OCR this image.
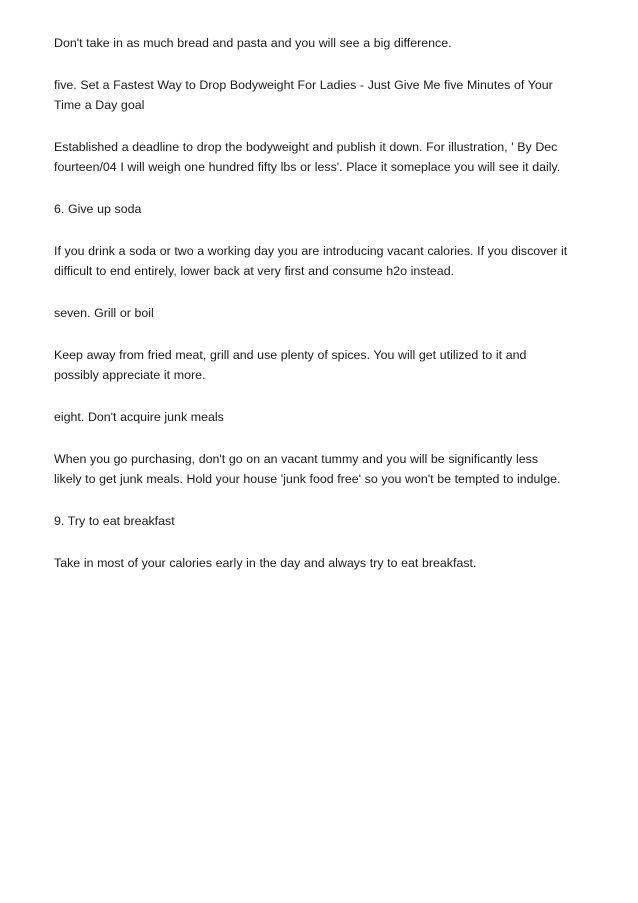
Don't take in as much bread and pasta and you will see a big difference.

five. Set a Fastest Way to Drop Bodyweight For Ladies - Just Give Me five Minutes of Your
Time a Day goal

Established a deadline to drop the bodyweight and publish it down. For illustration, ' By Dec
fourteen/04 I will weigh one hundred fifty lbs or less'. Place it someplace you will see it daily.

6. Give up soda

If you drink a soda or two a working day you are introducing vacant calories. If you discover it
difficult to end entirely, lower back at very first and consume h2o instead.

seven. Grill or boil

Keep away from fried meat, grill and use plenty of spices. You will get utilized to it and
possibly appreciate it more.

eight. Don't acquire junk meals

When you go purchasing, don't go on an vacant tummy and you will be significantly less
likely to get junk meals. Hold your house 'junk food free' so you won't be tempted to indulge.

9. Try to eat breakfast

Take in most of your calories early in the day and always try to eat breakfast.
